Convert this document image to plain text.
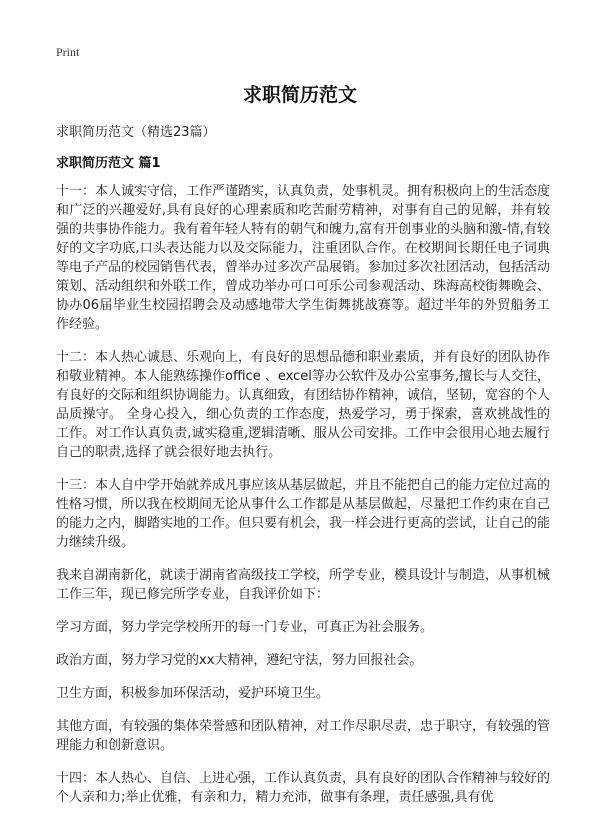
Print
求职简历范文
求职简历范文（精选23篇）
求职简历范文 篇1

十一：本人诚实守信，工作严谨踏实，认真负责，处事机灵。拥有积极向上的生活态度和广泛的兴趣爱好,具有良好的心理素质和吃苦耐劳精神，对事有自己的见解，并有较强的共事协作能力。我有着年轻人特有的朝气和魄力,富有开创事业的头脑和激-情,有较好的文字功底,口头表达能力以及交际能力，注重团队合作。在校期间长期任电子词典等电子产品的校园销售代表，曾举办过多次产品展销。参加过多次社团活动，包括活动策划、活动组织和外联工作，曾成功举办可口可乐公司参观活动、珠海高校街舞晚会、协办06届毕业生校园招聘会及动感地带大学生街舞挑战赛等。超过半年的外贸船务工作经验。

十二：本人热心诚恳、乐观向上，有良好的思想品德和职业素质，并有良好的团队协作和敬业精神。本人能熟练操作office 、excel等办公软件及办公室事务,擅长与人交往，有良好的交际和组织协调能力。认真细致，有团结协作精神，诚信，坚韧，宽容的个人品质操守。 全身心投入，细心负责的工作态度，热爱学习，勇于探索，喜欢挑战性的工作。对工作认真负责,诚实稳重,逻辑清晰、服从公司安排。工作中会很用心地去履行自己的职责,选择了就会很好地去执行。

十三：本人自中学开始就养成凡事应该从基层做起，并且不能把自己的能力定位过高的性格习惯，所以我在校期间无论从事什么工作都是从基层做起，尽量把工作约束在自己的能力之内，脚踏实地的工作。但只要有机会，我一样会进行更高的尝试，让自己的能力继续升级。

我来自湖南新化，就读于湖南省高级技工学校，所学专业，模具设计与制造，从事机械工作三年，现已修完所学专业，自我评价如下：

学习方面，努力学完学校所开的每一门专业，可真正为社会服务。

政治方面，努力学习党的xx大精神，遵纪守法，努力回报社会。

卫生方面，积极参加环保活动，爱护环境卫生。

其他方面，有较强的集体荣誉感和团队精神，对工作尽职尽责，忠于职守，有较强的管理能力和创新意识。

十四：本人热心、自信、上进心强，工作认真负责，具有良好的团队合作精神与较好的个人亲和力;举止优雅，有亲和力，精力充沛，做事有条理，责任感强,具有优
